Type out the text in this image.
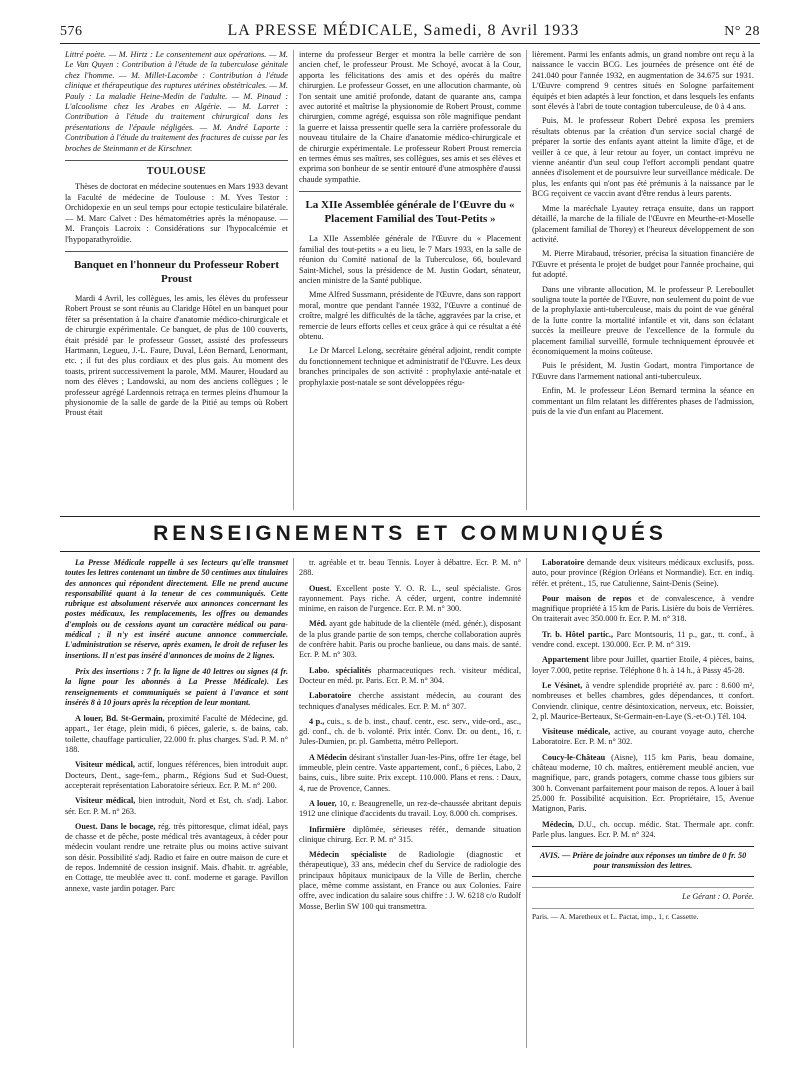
576	LA PRESSE MÉDICALE, Samedi, 8 Avril 1933	N° 28

Littré poète. — M. Hirtz : Le consentement aux opérations. — M. Le Van Quyen : Contribution à l'étude de la tuberculose génitale chez l'homme. — M. Millet-Lacombe : Contribution à l'étude clinique et thérapeutique des ruptures utérines obstétricales. — M. Pauly : La maladie Heine-Medin de l'adulte. — M. Pinaud : L'alcoolisme chez les Arabes en Algérie. — M. Larret : Contribution à l'étude du traitement chirurgical dans les présentations de l'épaule négligées. — M. André Laporte : Contribution à l'étude du traitement des fractures de cuisse par les broches de Steinmann et de Kirschner.

TOULOUSE

Thèses de doctorat en médecine soutenues en Mars 1933 devant la Faculté de médecine de Toulouse : M. Yves Testor : Orchidopexie en un seul temps pour ectopie testiculaire bilatérale. — M. Marc Calvet : Des hématométries après la ménopause. — M. François Lacroix : Considérations sur l'hypocalcémie et l'hypoparathyroïdie.

Banquet en l'honneur du Professeur Robert Proust

Mardi 4 Avril, les collègues, les amis, les élèves du professeur Robert Proust se sont réunis au Claridge Hôtel en un banquet pour fêter sa présentation à la chaire d'anatomie médico-chirurgicale et de chirurgie expérimentale. Ce banquet, de plus de 100 couverts, était présidé par le professeur Gosset, assisté des professeurs Hartmann, Legueu, J.-L. Faure, Duval, Léon Bernard, Lenormant, etc. ; il fut des plus cordiaux et des plus gais. Au moment des toasts, prirent successivement la parole, MM. Maurer, Houdard au nom des élèves ; Landowski, au nom des anciens collègues ; le professeur agrégé Lardennois retraça en termes pleins d'humour la physionomie de la salle de garde de la Pitié au temps où Robert Proust était

interne du professeur Berger et montra la belle carrière de son ancien chef, le professeur Proust. Me Schoyé, avocat à la Cour, apporta les félicitations des amis et des opérés du maître chirurgien. Le professeur Gosset, en une allocution charmante, où l'on sentait une amitié profonde, datant de quarante ans, campa avec autorité et maîtrise la physionomie de Robert Proust, comme chirurgien, comme agrégé, esquissa son rôle magnifique pendant la guerre et laissa pressentir quelle sera la carrière professorale du nouveau titulaire de la Chaire d'anatomie médico-chirurgicale et de chirurgie expérimentale. Le professeur Robert Proust remercia en termes émus ses maîtres, ses collègues, ses amis et ses élèves et exprima son bonheur de se sentir entouré d'une atmosphère d'aussi chaude sympathie.

La XIIe Assemblée générale de l'Œuvre du « Placement Familial des Tout-Petits »

La XIIe Assemblée générale de l'Œuvre du « Placement familial des tout-petits » a eu lieu, le 7 Mars 1933, en la salle de réunion du Comité national de la Tuberculose, 66, boulevard Saint-Michel, sous la présidence de M. Justin Godart, sénateur, ancien ministre de la Santé publique.

Mme Alfred Sussmann, présidente de l'Œuvre, dans son rapport moral, montre que pendant l'année 1932, l'Œuvre a continué de croître, malgré les difficultés de la tâche, aggravées par la crise, et remercie de leurs efforts celles et ceux grâce à qui ce résultat a été obtenu.

Le Dr Marcel Lelong, secrétaire général adjoint, rendit compte du fonctionnement technique et administratif de l'Œuvre. Les deux branches principales de son activité : prophylaxie anté-natale et prophylaxie post-natale se sont développées régu-

lièrement. Parmi les enfants admis, un grand nombre ont reçu à la naissance le vaccin BCG. Les journées de présence ont été de 241.040 pour l'année 1932, en augmentation de 34.675 sur 1931. L'Œuvre comprend 9 centres situés en Sologne parfaitement équipés et bien adaptés à leur fonction, et dans lesquels les enfants sont élevés à l'abri de toute contagion tuberculeuse, de 0 à 4 ans.

Puis, M. le professeur Robert Debré exposa les premiers résultats obtenus par la création d'un service social chargé de préparer la sortie des enfants ayant atteint la limite d'âge, et de veiller à ce que, à leur retour au foyer, un contact imprévu ne vienne anéantir d'un seul coup l'effort accompli pendant quatre années d'isolement et de poursuivre leur surveillance médicale. De plus, les enfants qui n'ont pas été prémunis à la naissance par le BCG reçoivent ce vaccin avant d'être rendus à leurs parents.

Mme la maréchale Lyautey retraça ensuite, dans un rapport détaillé, la marche de la filiale de l'Œuvre en Meurthe-et-Moselle (placement familial de Thorey) et l'heureux développement de son activité.

M. Pierre Mirabaud, trésorier, précisa la situation financière de l'Œuvre et présenta le projet de budget pour l'année prochaine, qui fut adopté.

Dans une vibrante allocution, M. le professeur P. Lereboullet souligna toute la portée de l'Œuvre, non seulement du point de vue de la prophylaxie anti-tuberculeuse, mais du point de vue général de la lutte contre la mortalité infantile et vit, dans son éclatant succès la meilleure preuve de l'excellence de la formule du placement familial surveillé, formule techniquement éprouvée et économiquement la moins coûteuse.

Puis le président, M. Justin Godart, montra l'importance de l'Œuvre dans l'armement national anti-tuberculeux.

Enfin, M. le professeur Léon Bernard termina la séance en commentant un film relatant les différentes phases de l'admission, puis de la vie d'un enfant au Placement.

RENSEIGNEMENTS ET COMMUNIQUÉS

La Presse Médicale rappelle à ses lecteurs qu'elle transmet toutes les lettres contenant un timbre de 50 centimes aux titulaires des annonces qui répondent directement. Elle ne prend aucune responsabilité quant à la teneur de ces communiqués. Cette rubrique est absolument réservée aux annonces concernant les postes médicaux, les remplacements, les offres ou demandes d'emplois ou de cessions ayant un caractère médical ou para-médical ; il n'y est inséré aucune annonce commerciale. L'administration se réserve, après examen, le droit de refuser les insertions. Il n'est pas inséré d'annonces de moins de 2 lignes.

Prix des insertions : 7 fr. la ligne de 40 lettres ou signes (4 fr. la ligne pour les abonnés à La Presse Médicale). Les renseignements et communiqués se paient à l'avance et sont insérés 8 à 10 jours après la réception de leur montant.

A louer, Bd. St-Germain, proximité Faculté de Médecine, gd. appart., 1er étage, plein midi, 6 pièces, galerie, s. de bains, cab. toilette, chauffage particulier, 22.000 fr. plus charges. S'ad. P. M. n° 188.

Visiteur médical, actif, longues références, bien introduit aupr. Docteurs, Dent., sage-fem., pharm., Régions Sud et Sud-Ouest, accepterait représentation Laboratoire sérieux. Ecr. P. M. n° 200.

Visiteur médical, bien introduit, Nord et Est, ch. s'adj. Labor. sér. Ecr. P. M. n° 263.

Ouest. Dans le bocage, rég. très pittoresque, climat idéal, pays de chasse et de pêche, poste médical très avantageux, à céder pour médecin voulant rendre une retraite plus ou moins active suivant son désir. Possibilité s'adj. Radio et faire en outre maison de cure et de repos. Indemnité de cession insignif. Mais. d'habit. tr. agréable, en Cottage, tte meublée avec tt. conf. moderne et garage. Pavillon annexe, vaste jardin potager. Parc

tr. agréable et tr. beau Tennis. Loyer à débattre. Ecr. P. M. n° 288.

Ouest. Excellent poste Y. O. R. L., seul spécialiste. Gros rayonnement. Pays riche. A céder, urgent, contre indemnité minime, en raison de l'urgence. Ecr. P. M. n° 300.

Méd. ayant gde habitude de la clientèle (méd. génér.), disposant de la plus grande partie de son temps, cherche collaboration auprès de confrère habit. Paris ou proche banlieue, ou dans mais. de santé. Ecr. P. M. n° 303.

Labo. spécialités pharmaceutiques rech. visiteur médical, Docteur en méd. pr. Paris. Ecr. P. M. n° 304.

Laboratoire cherche assistant médecin, au courant des techniques d'analyses médicales. Ecr. P. M. n° 307.

4 p., cuis., s. de b. inst., chauf. centr., esc. serv., vide-ord., asc., gd. conf., ch. de b. volonté. Prix intér. Conv. Dr. ou dent., 16, r. Jules-Dumien, pr. pl. Gambetta, métro Pelleport.

A Médecin désirant s'installer Juan-les-Pins, offre 1er étage, bel immeuble, plein centre. Vaste appartement, conf., 6 pièces, Labo, 2 bains, cuis., libre suite. Prix except. 110.000. Plans et rens. : Daux, 4, rue de Provence, Cannes.

A louer, 10, r. Beaugrenelle, un rez-de-chaussée abritant depuis 1912 une clinique d'accidents du travail. Loy. 8.000 ch. comprises.

Infirmière diplômée, sérieuses référ., demande situation clinique chirurg. Ecr. P. M. n° 315.

Médecin spécialiste de Radiologie (diagnostic et thérapeutique), 33 ans, médecin chef du Service de radiologie des principaux hôpitaux municipaux de la Ville de Berlin, cherche place, même comme assistant, en France ou aux Colonies. Faire offre, avec indication du salaire sous chiffre : J. W. 6218 c/o Rudolf Mosse, Berlin SW 100 qui transmettra.

Laboratoire demande deux visiteurs médicaux exclusifs, poss. auto, pour province (Région Orléans et Normandie). Ecr. en indiq. référ. et prétent., 15, rue Catulienne, Saint-Denis (Seine).

Pour maison de repos et de convalescence, à vendre magnifique propriété à 15 km de Paris. Lisière du bois de Verrières. On traiterait avec 350.000 fr. Ecr. P. M. n° 318.

Tr. b. Hôtel partic., Parc Montsouris, 11 p., gar., tt. conf., à vendre cond. except. 130.000. Ecr. P. M. n° 319.

Appartement libre pour Juillet, quartier Etoile, 4 pièces, bains, loyer 7.000, petite reprise. Téléphone 8 h. à 14 h., à Passy 45-28.

Le Vésinet, à vendre splendide propriété av. parc : 8.600 m², nombreuses et belles chambres, gdes dépendances, tt confort. Conviendr. clinique, centre désintoxication, nerveux, etc. Boissier, 2, pl. Maurice-Berteaux, St-Germain-en-Laye (S.-et-O.) Tél. 104.

Visiteuse médicale, active, au courant voyage auto, cherche Laboratoire. Ecr. P. M. n° 302.

Coucy-le-Château (Aisne), 115 km Paris, beau domaine, château moderne, 10 ch. maîtres, entièrement meublé ancien, vue magnifique, parc, grands potagers, comme chasse tous gibiers sur 300 h. Convenant parfaitement pour maison de repos. A louer à bail 25.000 fr. Possibilité acquisition. Ecr. Propriétaire, 15, Avenue Matignon, Paris.

Médecin, D.U., ch. occup. médic. Stat. Thermale apr. confr. Parle plus. langues. Ecr. P. M. n° 324.

AVIS. — Prière de joindre aux réponses un timbre de 0 fr. 50 pour transmission des lettres.
Le Gérant : O. Porée.
Paris. — A. Maretheux et L. Pactat, imp., 1, r. Cassette.
